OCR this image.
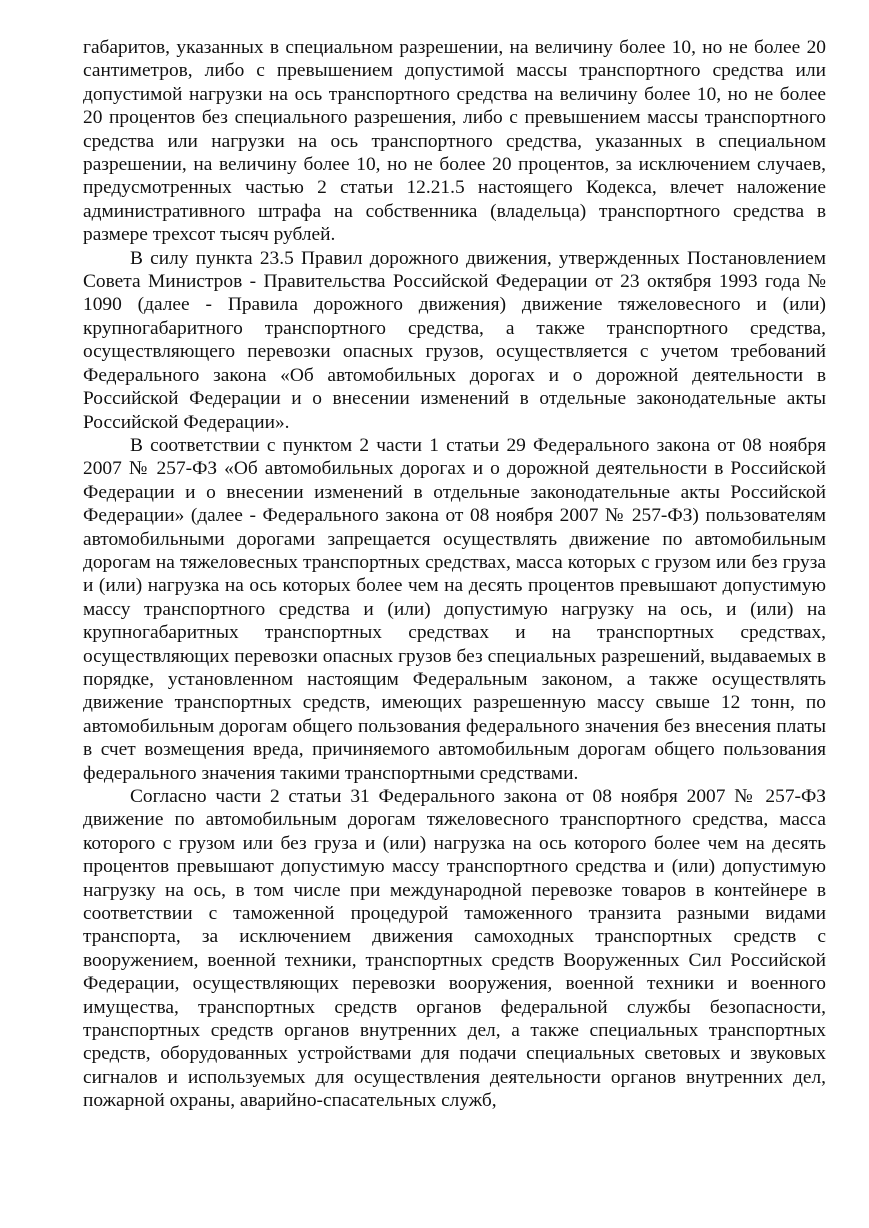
габаритов, указанных в специальном разрешении, на величину более 10, но не более 20 сантиметров, либо с превышением допустимой массы транспортного средства или допустимой нагрузки на ось транспортного средства на величину более 10, но не более 20 процентов без специального разрешения, либо с превышением массы транспортного средства или нагрузки на ось транспортного средства, указанных в специальном разрешении, на величину более 10, но не более 20 процентов, за исключением случаев, предусмотренных частью 2 статьи 12.21.5 настоящего Кодекса, влечет наложение административного штрафа на собственника (владельца) транспортного средства в размере трехсот тысяч рублей.

В силу пункта 23.5 Правил дорожного движения, утвержденных Постановлением Совета Министров - Правительства Российской Федерации от 23 октября 1993 года № 1090 (далее - Правила дорожного движения) движение тяжеловесного и (или) крупногабаритного транспортного средства, а также транспортного средства, осуществляющего перевозки опасных грузов, осуществляется с учетом требований Федерального закона «Об автомобильных дорогах и о дорожной деятельности в Российской Федерации и о внесении изменений в отдельные законодательные акты Российской Федерации».

В соответствии с пунктом 2 части 1 статьи 29 Федерального закона от 08 ноября 2007 № 257-ФЗ «Об автомобильных дорогах и о дорожной деятельности в Российской Федерации и о внесении изменений в отдельные законодательные акты Российской Федерации» (далее - Федерального закона от 08 ноября 2007 № 257-ФЗ) пользователям автомобильными дорогами запрещается осуществлять движение по автомобильным дорогам на тяжеловесных транспортных средствах, масса которых с грузом или без груза и (или) нагрузка на ось которых более чем на десять процентов превышают допустимую массу транспортного средства и (или) допустимую нагрузку на ось, и (или) на крупногабаритных транспортных средствах и на транспортных средствах, осуществляющих перевозки опасных грузов без специальных разрешений, выдаваемых в порядке, установленном настоящим Федеральным законом, а также осуществлять движение транспортных средств, имеющих разрешенную массу свыше 12 тонн, по автомобильным дорогам общего пользования федерального значения без внесения платы в счет возмещения вреда, причиняемого автомобильным дорогам общего пользования федерального значения такими транспортными средствами.

Согласно части 2 статьи 31 Федерального закона от 08 ноября 2007 № 257-ФЗ движение по автомобильным дорогам тяжеловесного транспортного средства, масса которого с грузом или без груза и (или) нагрузка на ось которого более чем на десять процентов превышают допустимую массу транспортного средства и (или) допустимую нагрузку на ось, в том числе при международной перевозке товаров в контейнере в соответствии с таможенной процедурой таможенного транзита разными видами транспорта, за исключением движения самоходных транспортных средств с вооружением, военной техники, транспортных средств Вооруженных Сил Российской Федерации, осуществляющих перевозки вооружения, военной техники и военного имущества, транспортных средств органов федеральной службы безопасности, транспортных средств органов внутренних дел, а также специальных транспортных средств, оборудованных устройствами для подачи специальных световых и звуковых сигналов и используемых для осуществления деятельности органов внутренних дел, пожарной охраны, аварийно-спасательных служб,
